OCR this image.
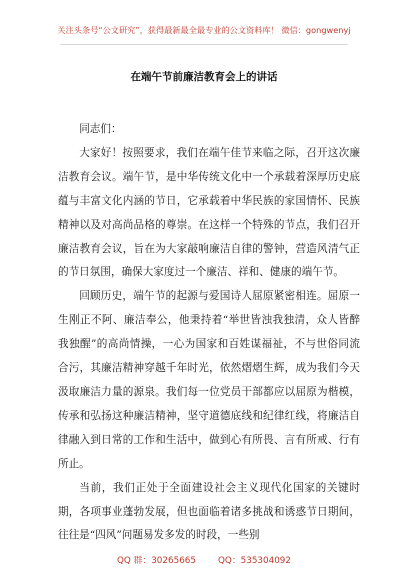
关注头条号“公文研究”，获得最新最全最专业的公文资料库！ 微信：gongwenyj
在端午节前廉洁教育会上的讲话

同志们：

大家好！按照要求，我们在端午佳节来临之际，召开这次廉洁教育会议。端午节，是中华传统文化中一个承载着深厚历史底蕴与丰富文化内涵的节日，它承载着中华民族的家国情怀、民族精神以及对高尚品格的尊崇。在这样一个特殊的节点，我们召开廉洁教育会议，旨在为大家敲响廉洁自律的警钟，营造风清气正的节日氛围，确保大家度过一个廉洁、祥和、健康的端午节。

回顾历史，端午节的起源与爱国诗人屈原紧密相连。屈原一生刚正不阿、廉洁奉公，他秉持着“举世皆浊我独清，众人皆醉我独醒”的高尚情操，一心为国家和百姓谋福祉，不与世俗同流合污，其廉洁精神穿越千年时光，依然熠熠生辉，成为我们今天汲取廉洁力量的源泉。我们每一位党员干部都应以屈原为楷模，传承和弘扬这种廉洁精神，坚守道德底线和纪律红线，将廉洁自律融入到日常的工作和生活中，做到心有所畏、言有所戒、行有所止。

当前，我们正处于全面建设社会主义现代化国家的关键时期，各项事业蓬勃发展，但也面临着诸多挑战和诱惑节日期间，往往是“四风”问题易发多发的时段，一些别

QQ 群：30265665	QQ：535304092
